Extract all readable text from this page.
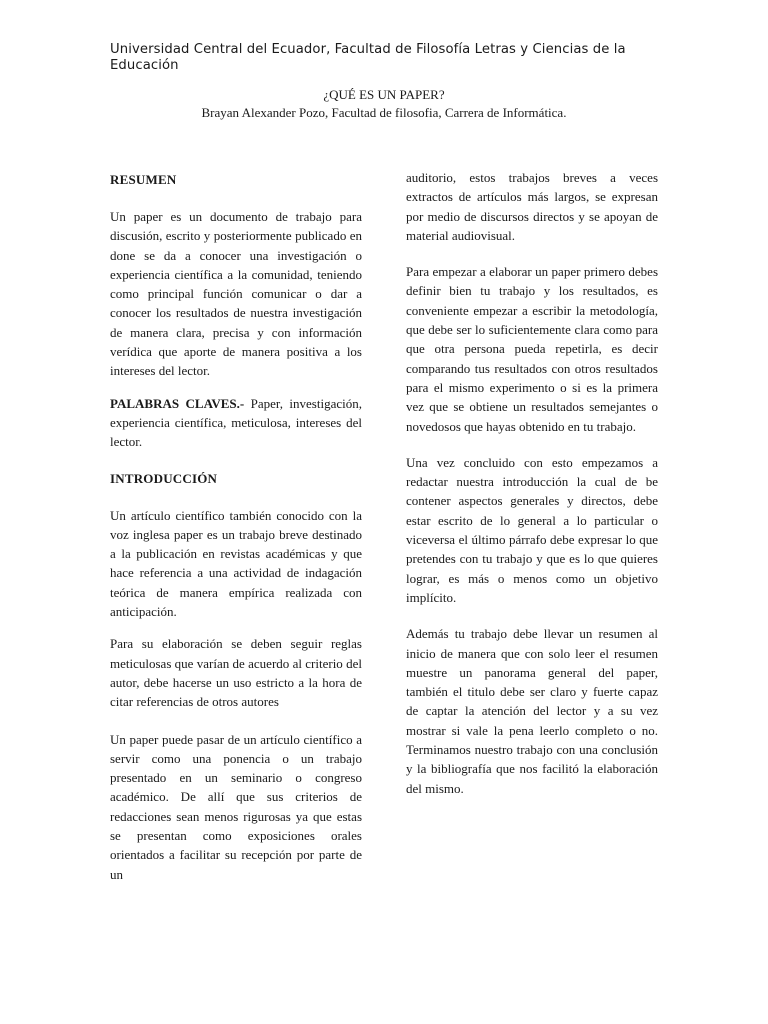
Universidad Central del Ecuador, Facultad de Filosofía Letras y Ciencias de la Educación
¿QUÉ ES UN PAPER?
Brayan Alexander Pozo, Facultad de filosofia, Carrera de Informática.
RESUMEN

Un paper es un documento de trabajo para discusión, escrito y posteriormente publicado en done se da a conocer una investigación o experiencia científica a la comunidad, teniendo como principal función comunicar o dar a conocer los resultados de nuestra investigación de manera clara, precisa y con información verídica que aporte de manera positiva a los intereses del lector.

PALABRAS CLAVES.- Paper, investigación, experiencia científica, meticulosa, intereses del lector.

INTRODUCCIÓN

Un artículo científico también conocido con la voz inglesa paper es un trabajo breve destinado a la publicación en revistas académicas y que hace referencia a una actividad de indagación teórica de manera empírica realizada con anticipación.

Para su elaboración se deben seguir reglas meticulosas que varían de acuerdo al criterio del autor, debe hacerse un uso estricto a la hora de citar referencias de otros autores

Un paper puede pasar de un artículo científico a servir como una ponencia o un trabajo presentado en un seminario o congreso académico. De allí que sus criterios de redacciones sean menos rigurosas ya que estas se presentan como exposiciones orales orientados a facilitar su recepción por parte de un

auditorio, estos trabajos breves a veces extractos de artículos más largos, se expresan por medio de discursos directos y se apoyan de material audiovisual.

Para empezar a elaborar un paper primero debes definir bien tu trabajo y los resultados, es conveniente empezar a escribir la metodología, que debe ser lo suficientemente clara como para que otra persona pueda repetirla, es decir comparando tus resultados con otros resultados para el mismo experimento o si es la primera vez que se obtiene un resultados semejantes o novedosos que hayas obtenido en tu trabajo.

Una vez concluido con esto empezamos a redactar nuestra introducción la cual de be contener aspectos generales y directos, debe estar escrito de lo general a lo particular o viceversa el último párrafo debe expresar lo que pretendes con tu trabajo y que es lo que quieres lograr, es más o menos como un objetivo implícito.

Además tu trabajo debe llevar un resumen al inicio de manera que con solo leer el resumen muestre un panorama general del paper, también el titulo debe ser claro y fuerte capaz de captar la atención del lector y a su vez mostrar si vale la pena leerlo completo o no. Terminamos nuestro trabajo con una conclusión y la bibliografía que nos facilitó la elaboración del mismo.
